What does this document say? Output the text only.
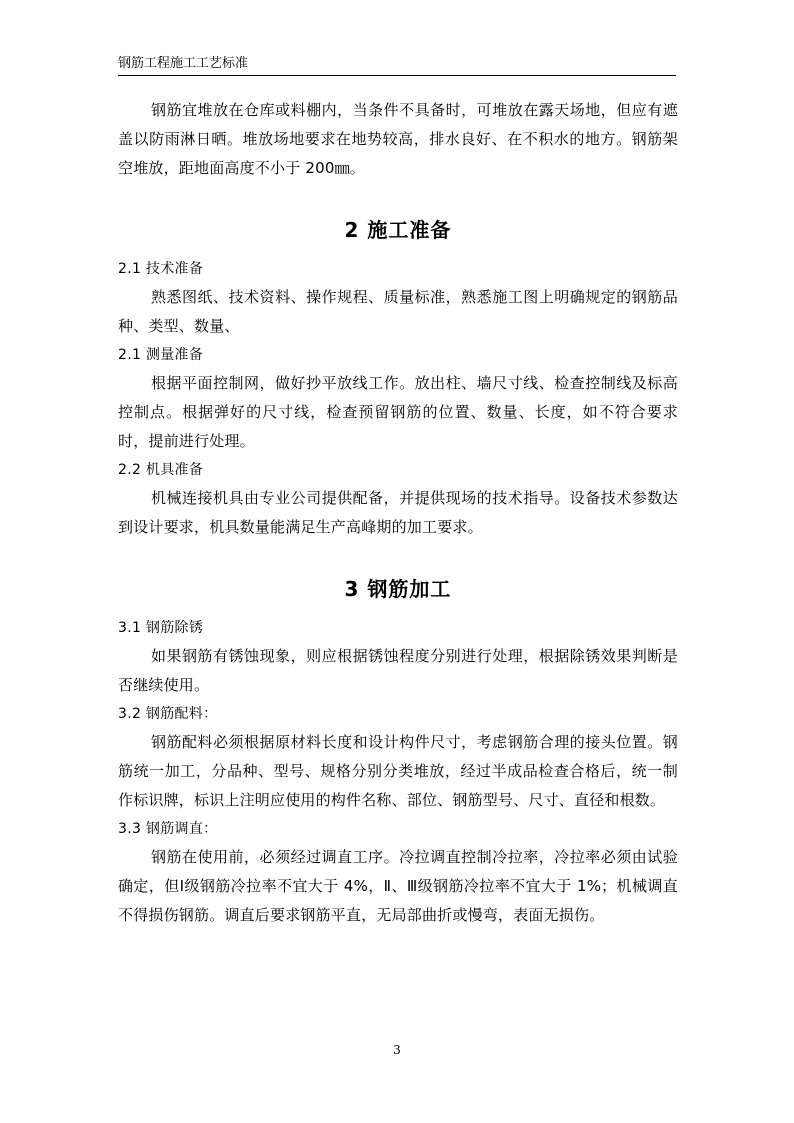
钢筋工程施工工艺标准

钢筋宜堆放在仓库或料棚内，当条件不具备时，可堆放在露天场地，但应有遮盖以防雨淋日晒。堆放场地要求在地势较高，排水良好、在不积水的地方。钢筋架空堆放，距地面高度不小于 200㎜。

2 施工准备

2.1 技术准备

熟悉图纸、技术资料、操作规程、质量标准，熟悉施工图上明确规定的钢筋品种、类型、数量、

2.1 测量准备

根据平面控制网，做好抄平放线工作。放出柱、墙尺寸线、检查控制线及标高控制点。根据弹好的尺寸线，检查预留钢筋的位置、数量、长度，如不符合要求时，提前进行处理。

2.2 机具准备

机械连接机具由专业公司提供配备，并提供现场的技术指导。设备技术参数达到设计要求，机具数量能满足生产高峰期的加工要求。

3 钢筋加工

3.1 钢筋除锈

如果钢筋有锈蚀现象，则应根据锈蚀程度分别进行处理，根据除锈效果判断是否继续使用。

3.2 钢筋配料：

钢筋配料必须根据原材料长度和设计构件尺寸，考虑钢筋合理的接头位置。钢筋统一加工，分品种、型号、规格分别分类堆放，经过半成品检查合格后，统一制作标识牌，标识上注明应使用的构件名称、部位、钢筋型号、尺寸、直径和根数。

3.3 钢筋调直：

钢筋在使用前，必须经过调直工序。冷拉调直控制冷拉率，冷拉率必须由试验确定，但Ⅰ级钢筋冷拉率不宜大于 4%，Ⅱ、Ⅲ级钢筋冷拉率不宜大于 1%；机械调直不得损伤钢筋。调直后要求钢筋平直，无局部曲折或慢弯，表面无损伤。

3
